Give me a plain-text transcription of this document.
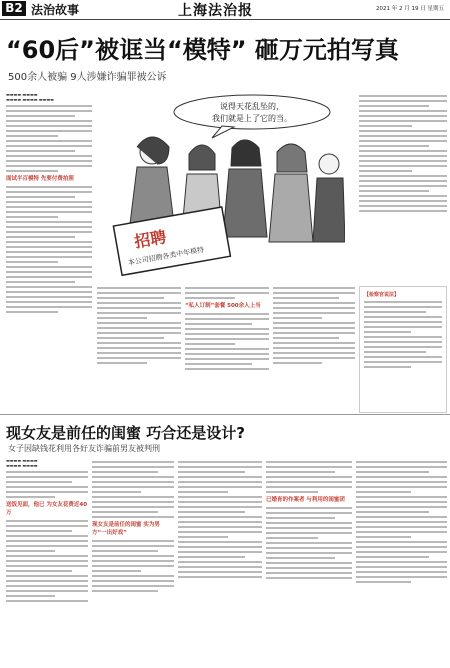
B2 法治故事	上海法治报	2021 年 2 月 19 日 星期五
“60后”被诓当“模特” 砸万元拍写真
500余人被骗 9人涉嫌诈骗罪被公诉
▬▬▬▬ ▬▬▬▬
▬▬▬▬ ▬▬▬▬ ▬▬▬▬
面试半百模特 先要付费拍照
说得天花乱坠的，
我们就是上了它的当。
招聘
本公司招聘各类中年模特
“私人订制”套餐 500余人上当
【检察官说法】
现女友是前任的闺蜜 巧合还是设计?
女子因缺钱花利用各好友诈骗前男友被判刑
▬▬▬▬ ▬▬▬▬
▬▬▬▬ ▬▬▬▬
送饭见面，他已 为女友花费近40万
现女友是前任的闺蜜 实为男方“一出好戏”
已婚育的作案者 与利用的闺蜜团
